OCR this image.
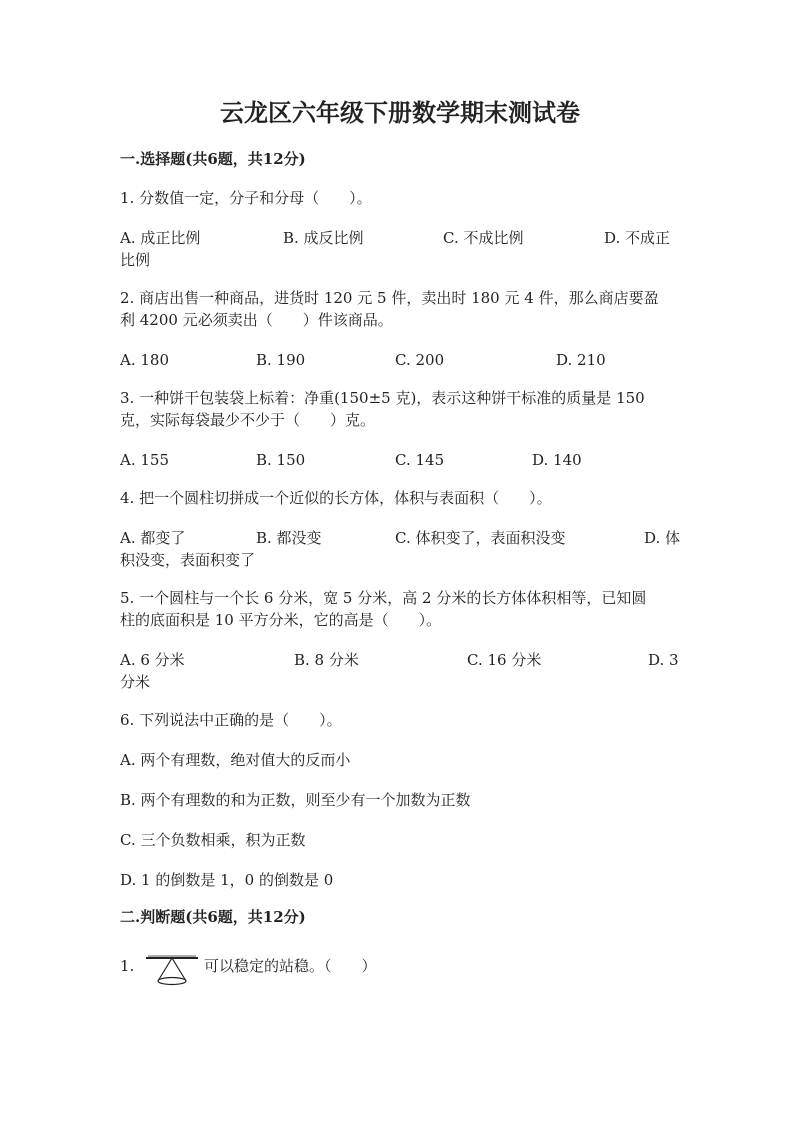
云龙区六年级下册数学期末测试卷
一.选择题(共6题，共12分)
1. 分数值一定，分子和分母（　　）。
A. 成正比例	B. 成反比例	C. 不成比例	D. 不成正
比例
2. 商店出售一种商品，进货时 120 元 5 件，卖出时 180 元 4 件，那么商店要盈
利 4200 元必须卖出（　　）件该商品。
A. 180	B. 190	C. 200	D. 210
3. 一种饼干包装袋上标着：净重(150±5 克)，表示这种饼干标准的质量是 150
克，实际每袋最少不少于（　　）克。
A. 155	B. 150	C. 145	D. 140
4. 把一个圆柱切拼成一个近似的长方体，体积与表面积（　　）。
A. 都变了	B. 都没变	C. 体积变了，表面积没变	D. 体
积没变，表面积变了
5. 一个圆柱与一个长 6 分米，宽 5 分米，高 2 分米的长方体体积相等，已知圆
柱的底面积是 10 平方分米，它的高是（　　）。
A. 6 分米	B. 8 分米	C. 16 分米	D. 3
分米
6. 下列说法中正确的是（　　）。
A. 两个有理数，绝对值大的反而小
B. 两个有理数的和为正数，则至少有一个加数为正数
C. 三个负数相乘，积为正数
D. 1 的倒数是 1，0 的倒数是 0
二.判断题(共6题，共12分)
1.	可以稳定的站稳。（　　）
